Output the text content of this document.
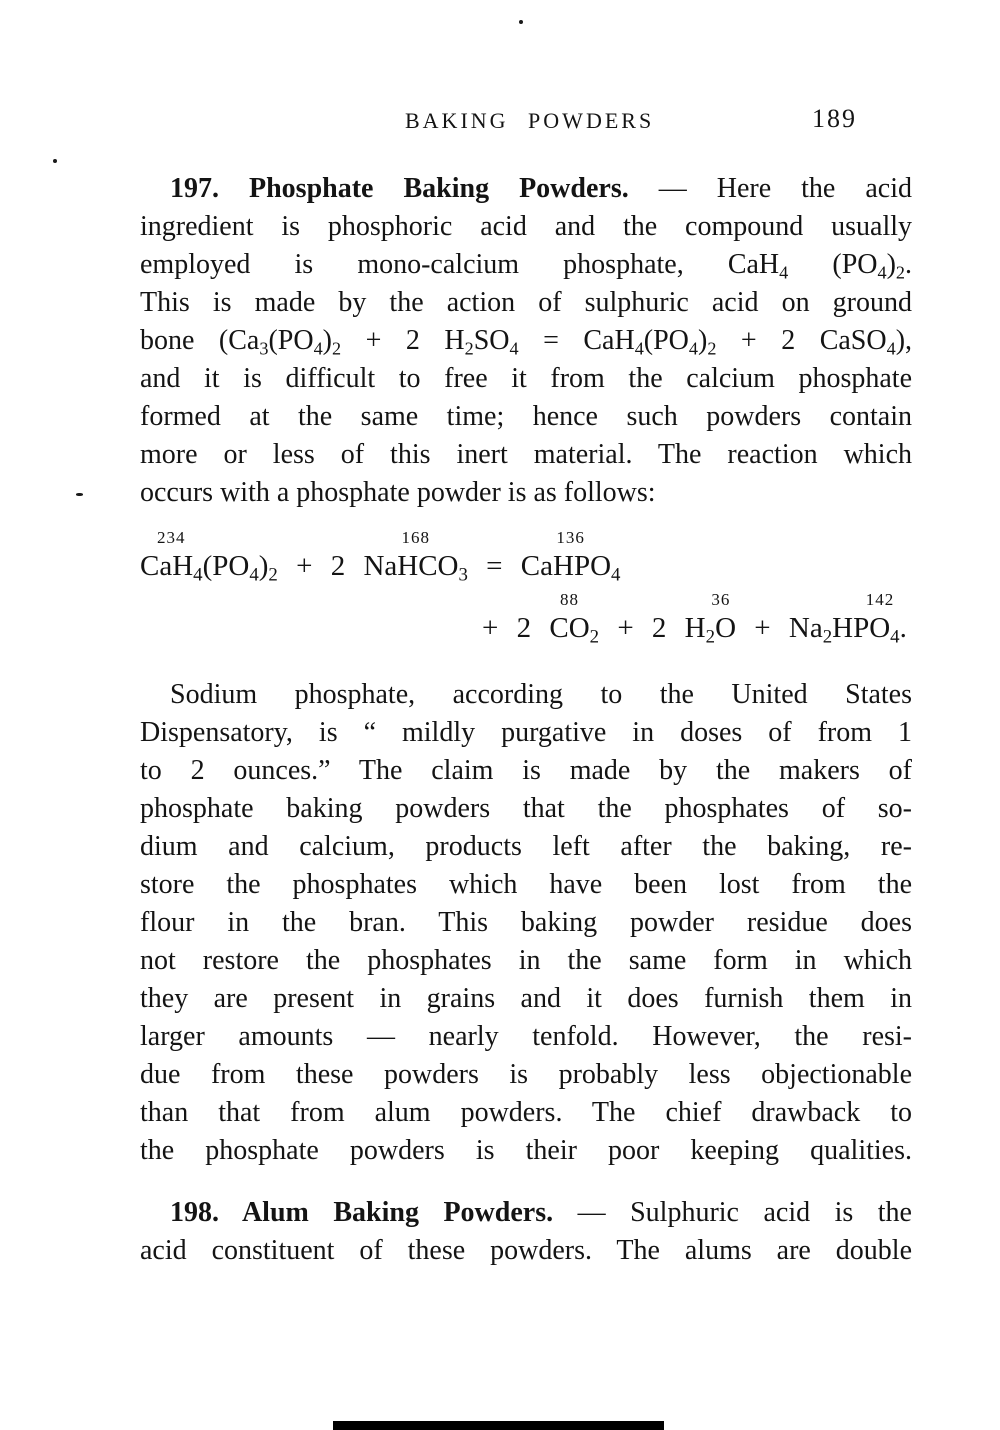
BAKING POWDERS	189
197. Phosphate Baking Powders. — Here the acid
ingredient is phosphoric acid and the compound usually
employed is mono-calcium phosphate, CaH$_4$ $(PO_4)_2$.
This is made by the action of sulphuric acid on ground
bone ($Ca_3(PO_4)_2 + 2$ $H_2SO_4 = CaH_4(PO_4)_2 + 2$ CaSO$_4$),
and it is difficult to free it from the calcium phosphate
formed at the same time; hence such powders contain
more or less of this inert material. The reaction which
occurs with a phosphate powder is as follows:
234
$CaH_4(PO_4)_2 + 2$
168
NaHCO$_3$ =
136
CaHPO$_4$
+ 2
88
$CO_2 + 2$ H
36
$_2O + Na_2H$
142
$PO_4$.
Sodium phosphate, according to the United States
Dispensatory, is “ mildly purgative in doses of from 1
to 2 ounces.” The claim is made by the makers of
phosphate baking powders that the phosphates of so-
dium and calcium, products left after the baking, re-
store the phosphates which have been lost from the
flour in the bran. This baking powder residue does
not restore the phosphates in the same form in which
they are present in grains and it does furnish them in
larger amounts — nearly tenfold. However, the resi-
due from these powders is probably less objectionable
than that from alum powders. The chief drawback to
the phosphate powders is their poor keeping qualities.
198. Alum Baking Powders. — Sulphuric acid is the
acid constituent of these powders. The alums are double
